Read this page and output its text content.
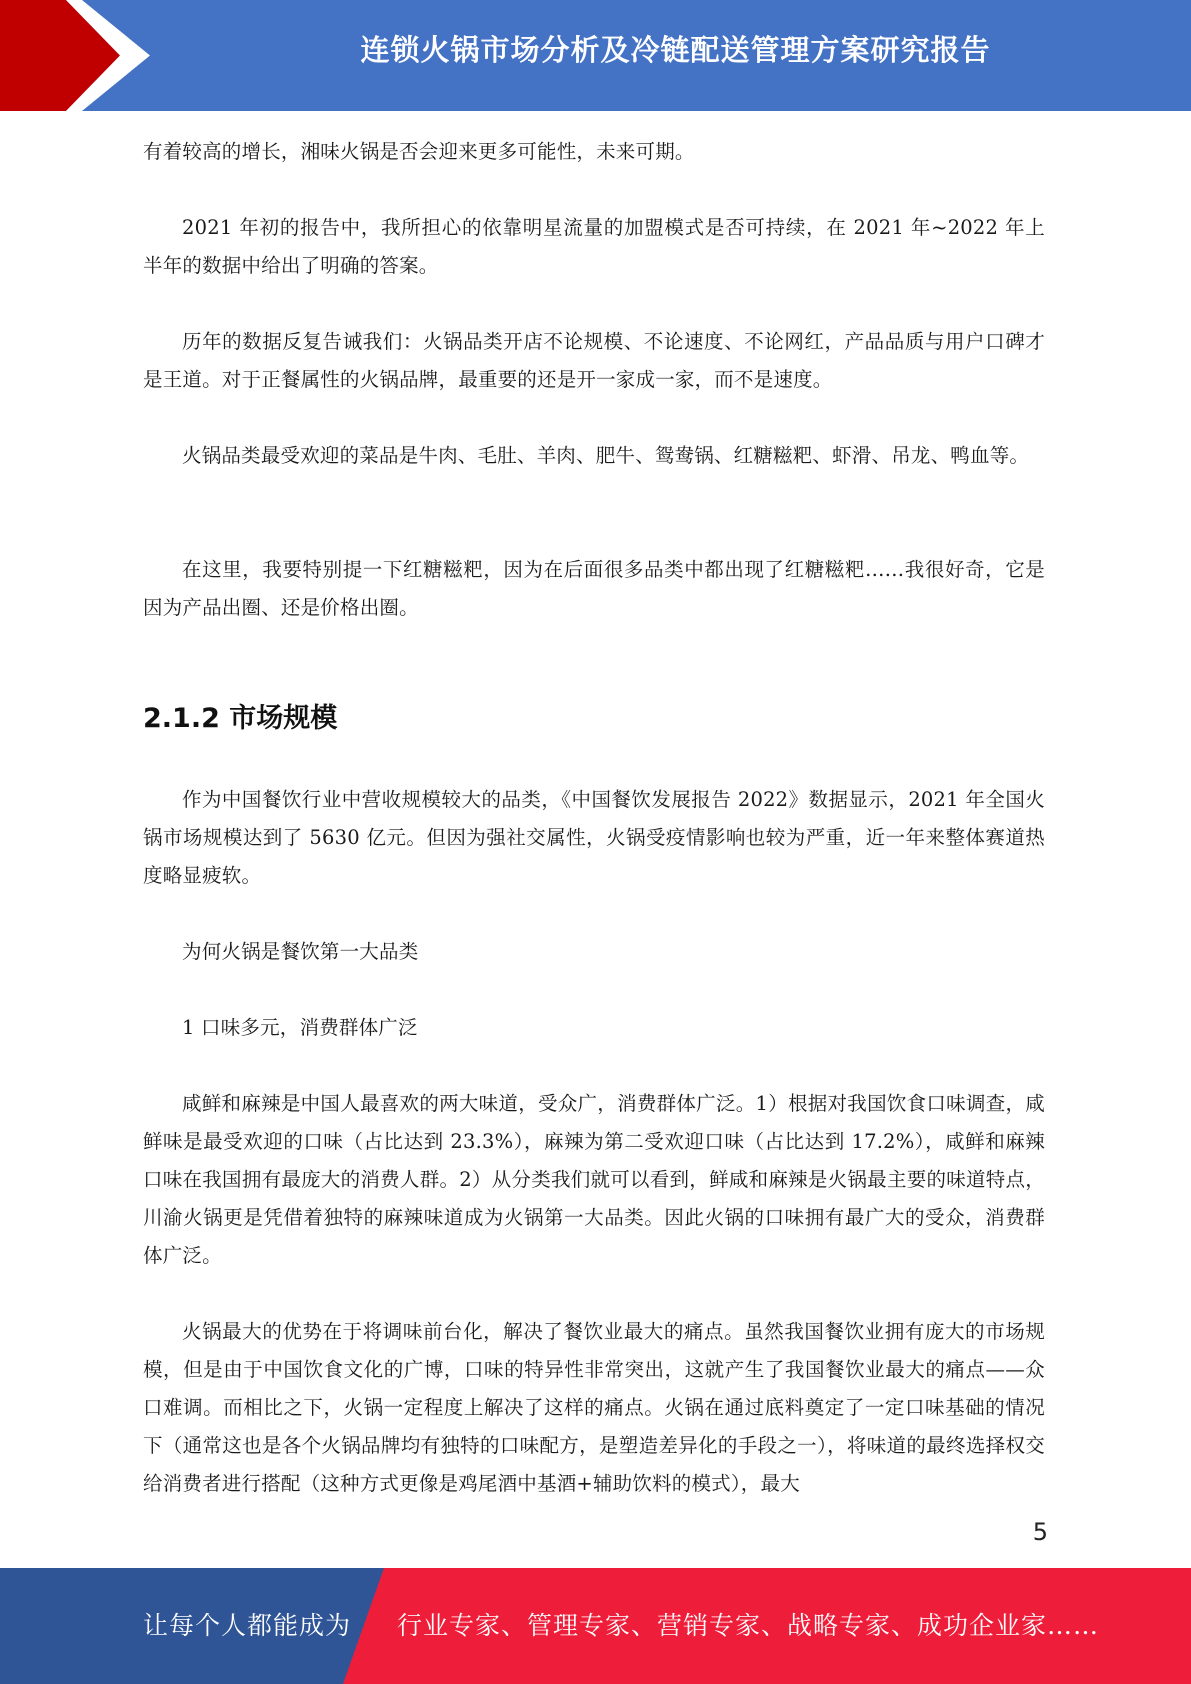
连锁火锅市场分析及冷链配送管理方案研究报告

有着较高的增长，湘味火锅是否会迎来更多可能性，未来可期。

2021 年初的报告中，我所担心的依靠明星流量的加盟模式是否可持续，在 2021 年~2022 年上半年的数据中给出了明确的答案。

历年的数据反复告诫我们：火锅品类开店不论规模、不论速度、不论网红，产品品质与用户口碑才是王道。对于正餐属性的火锅品牌，最重要的还是开一家成一家，而不是速度。

火锅品类最受欢迎的菜品是牛肉、毛肚、羊肉、肥牛、鸳鸯锅、红糖糍粑、虾滑、吊龙、鸭血等。

在这里，我要特别提一下红糖糍粑，因为在后面很多品类中都出现了红糖糍粑……我很好奇，它是因为产品出圈、还是价格出圈。

2.1.2 市场规模

作为中国餐饮行业中营收规模较大的品类，《中国餐饮发展报告 2022》数据显示，2021 年全国火锅市场规模达到了 5630 亿元。但因为强社交属性，火锅受疫情影响也较为严重，近一年来整体赛道热度略显疲软。

为何火锅是餐饮第一大品类

1 口味多元，消费群体广泛

咸鲜和麻辣是中国人最喜欢的两大味道，受众广，消费群体广泛。1）根据对我国饮食口味调查，咸鲜味是最受欢迎的口味（占比达到 23.3%），麻辣为第二受欢迎口味（占比达到 17.2%），咸鲜和麻辣口味在我国拥有最庞大的消费人群。2）从分类我们就可以看到，鲜咸和麻辣是火锅最主要的味道特点，川渝火锅更是凭借着独特的麻辣味道成为火锅第一大品类。因此火锅的口味拥有最广大的受众，消费群体广泛。

火锅最大的优势在于将调味前台化，解决了餐饮业最大的痛点。虽然我国餐饮业拥有庞大的市场规模，但是由于中国饮食文化的广博，口味的特异性非常突出，这就产生了我国餐饮业最大的痛点——众口难调。而相比之下，火锅一定程度上解决了这样的痛点。火锅在通过底料奠定了一定口味基础的情况下（通常这也是各个火锅品牌均有独特的口味配方，是塑造差异化的手段之一），将味道的最终选择权交给消费者进行搭配（这种方式更像是鸡尾酒中基酒+辅助饮料的模式），最大

5
让每个人都能成为 行业专家、管理专家、营销专家、战略专家、成功企业家……
